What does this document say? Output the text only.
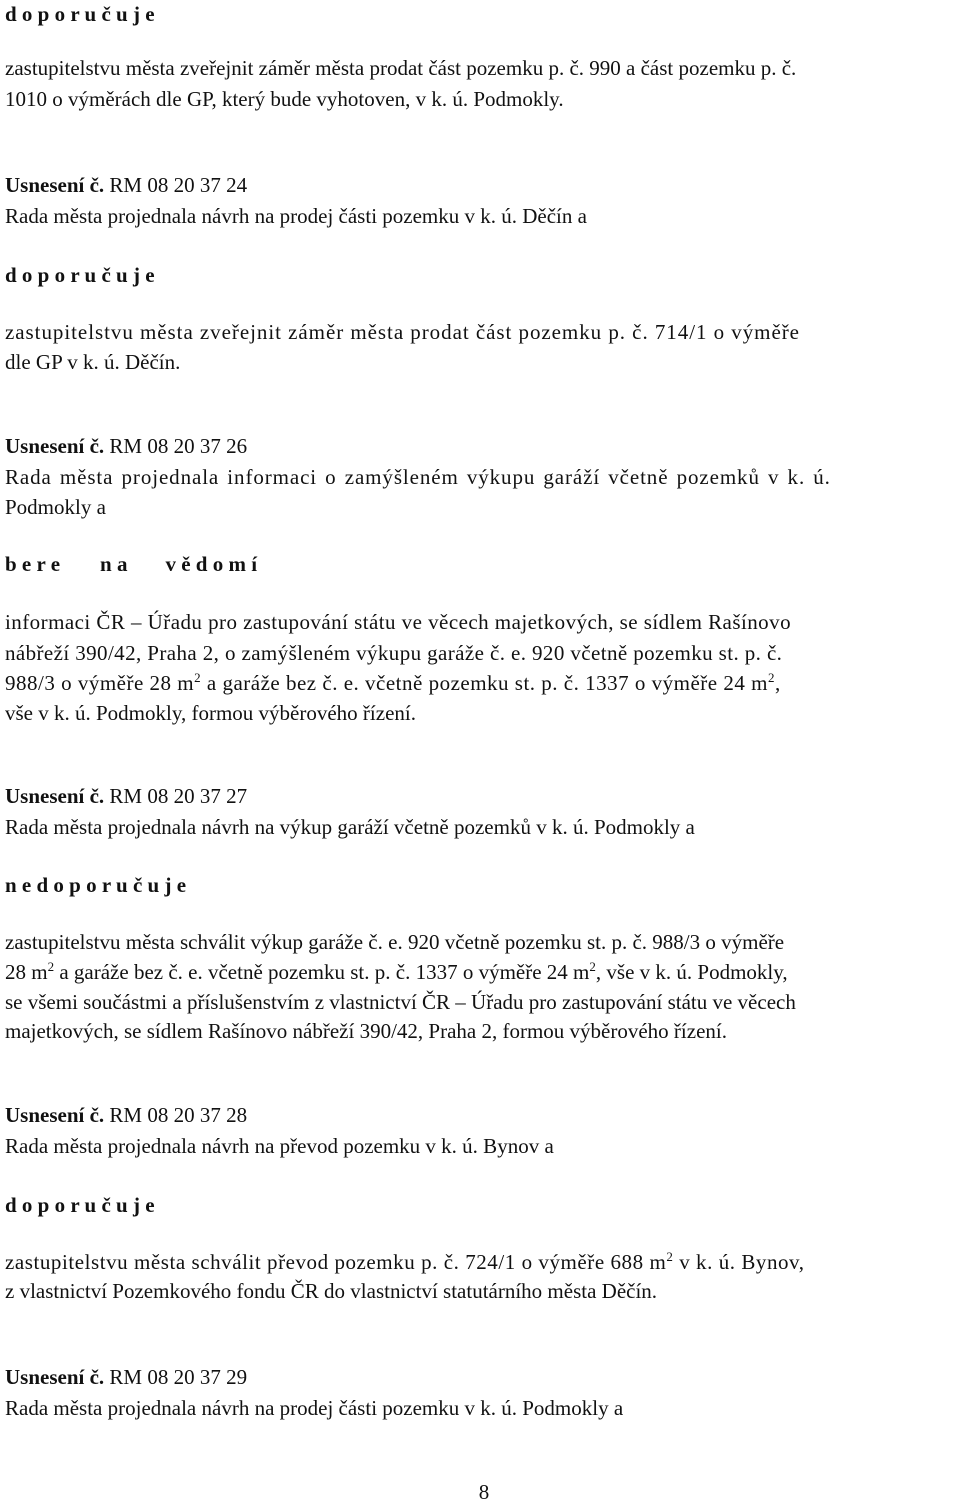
d o p o r u č u j e
zastupitelstvu města zveřejnit záměr města prodat část pozemku p. č. 990 a část pozemku p. č.
1010 o výměrách dle GP, který bude vyhotoven, v k. ú. Podmokly.
Usnesení č. RM 08 20 37 24
Rada města projednala návrh na prodej části pozemku v k. ú. Děčín a
d o p o r u č u j e
zastupitelstvu města zveřejnit záměr města prodat část pozemku p. č. 714/1 o výměře
dle GP v k. ú. Děčín.
Usnesení č. RM 08 20 37 26
Rada města projednala informaci o zamýšleném výkupu garáží včetně pozemků v k. ú.
Podmokly a
b e r e n a v ě d o m í
informaci ČR – Úřadu pro zastupování státu ve věcech majetkových, se sídlem Rašínovo
nábřeží 390/42, Praha 2, o zamýšleném výkupu garáže č. e. 920 včetně pozemku st. p. č.
988/3 o výměře 28 $m^2$ a garáže bez č. e. včetně pozemku st. p. č. 1337 o výměře 24 $m^2$,
vše v k. ú. Podmokly, formou výběrového řízení.
Usnesení č. RM 08 20 37 27
Rada města projednala návrh na výkup garáží včetně pozemků v k. ú. Podmokly a
n e d o p o r u č u j e
zastupitelstvu města schválit výkup garáže č. e. 920 včetně pozemku st. p. č. 988/3 o výměře
28 $m^2$ a garáže bez č. e. včetně pozemku st. p. č. 1337 o výměře 24 $m^2$, vše v k. ú. Podmokly,
se všemi součástmi a příslušenstvím z vlastnictví ČR – Úřadu pro zastupování státu ve věcech
majetkových, se sídlem Rašínovo nábřeží 390/42, Praha 2, formou výběrového řízení.
Usnesení č. RM 08 20 37 28
Rada města projednala návrh na převod pozemku v k. ú. Bynov a
d o p o r u č u j e
zastupitelstvu města schválit převod pozemku p. č. 724/1 o výměře 688 $m^2$ v k. ú. Bynov,
z vlastnictví Pozemkového fondu ČR do vlastnictví statutárního města Děčín.
Usnesení č. RM 08 20 37 29
Rada města projednala návrh na prodej části pozemku v k. ú. Podmokly a
8
